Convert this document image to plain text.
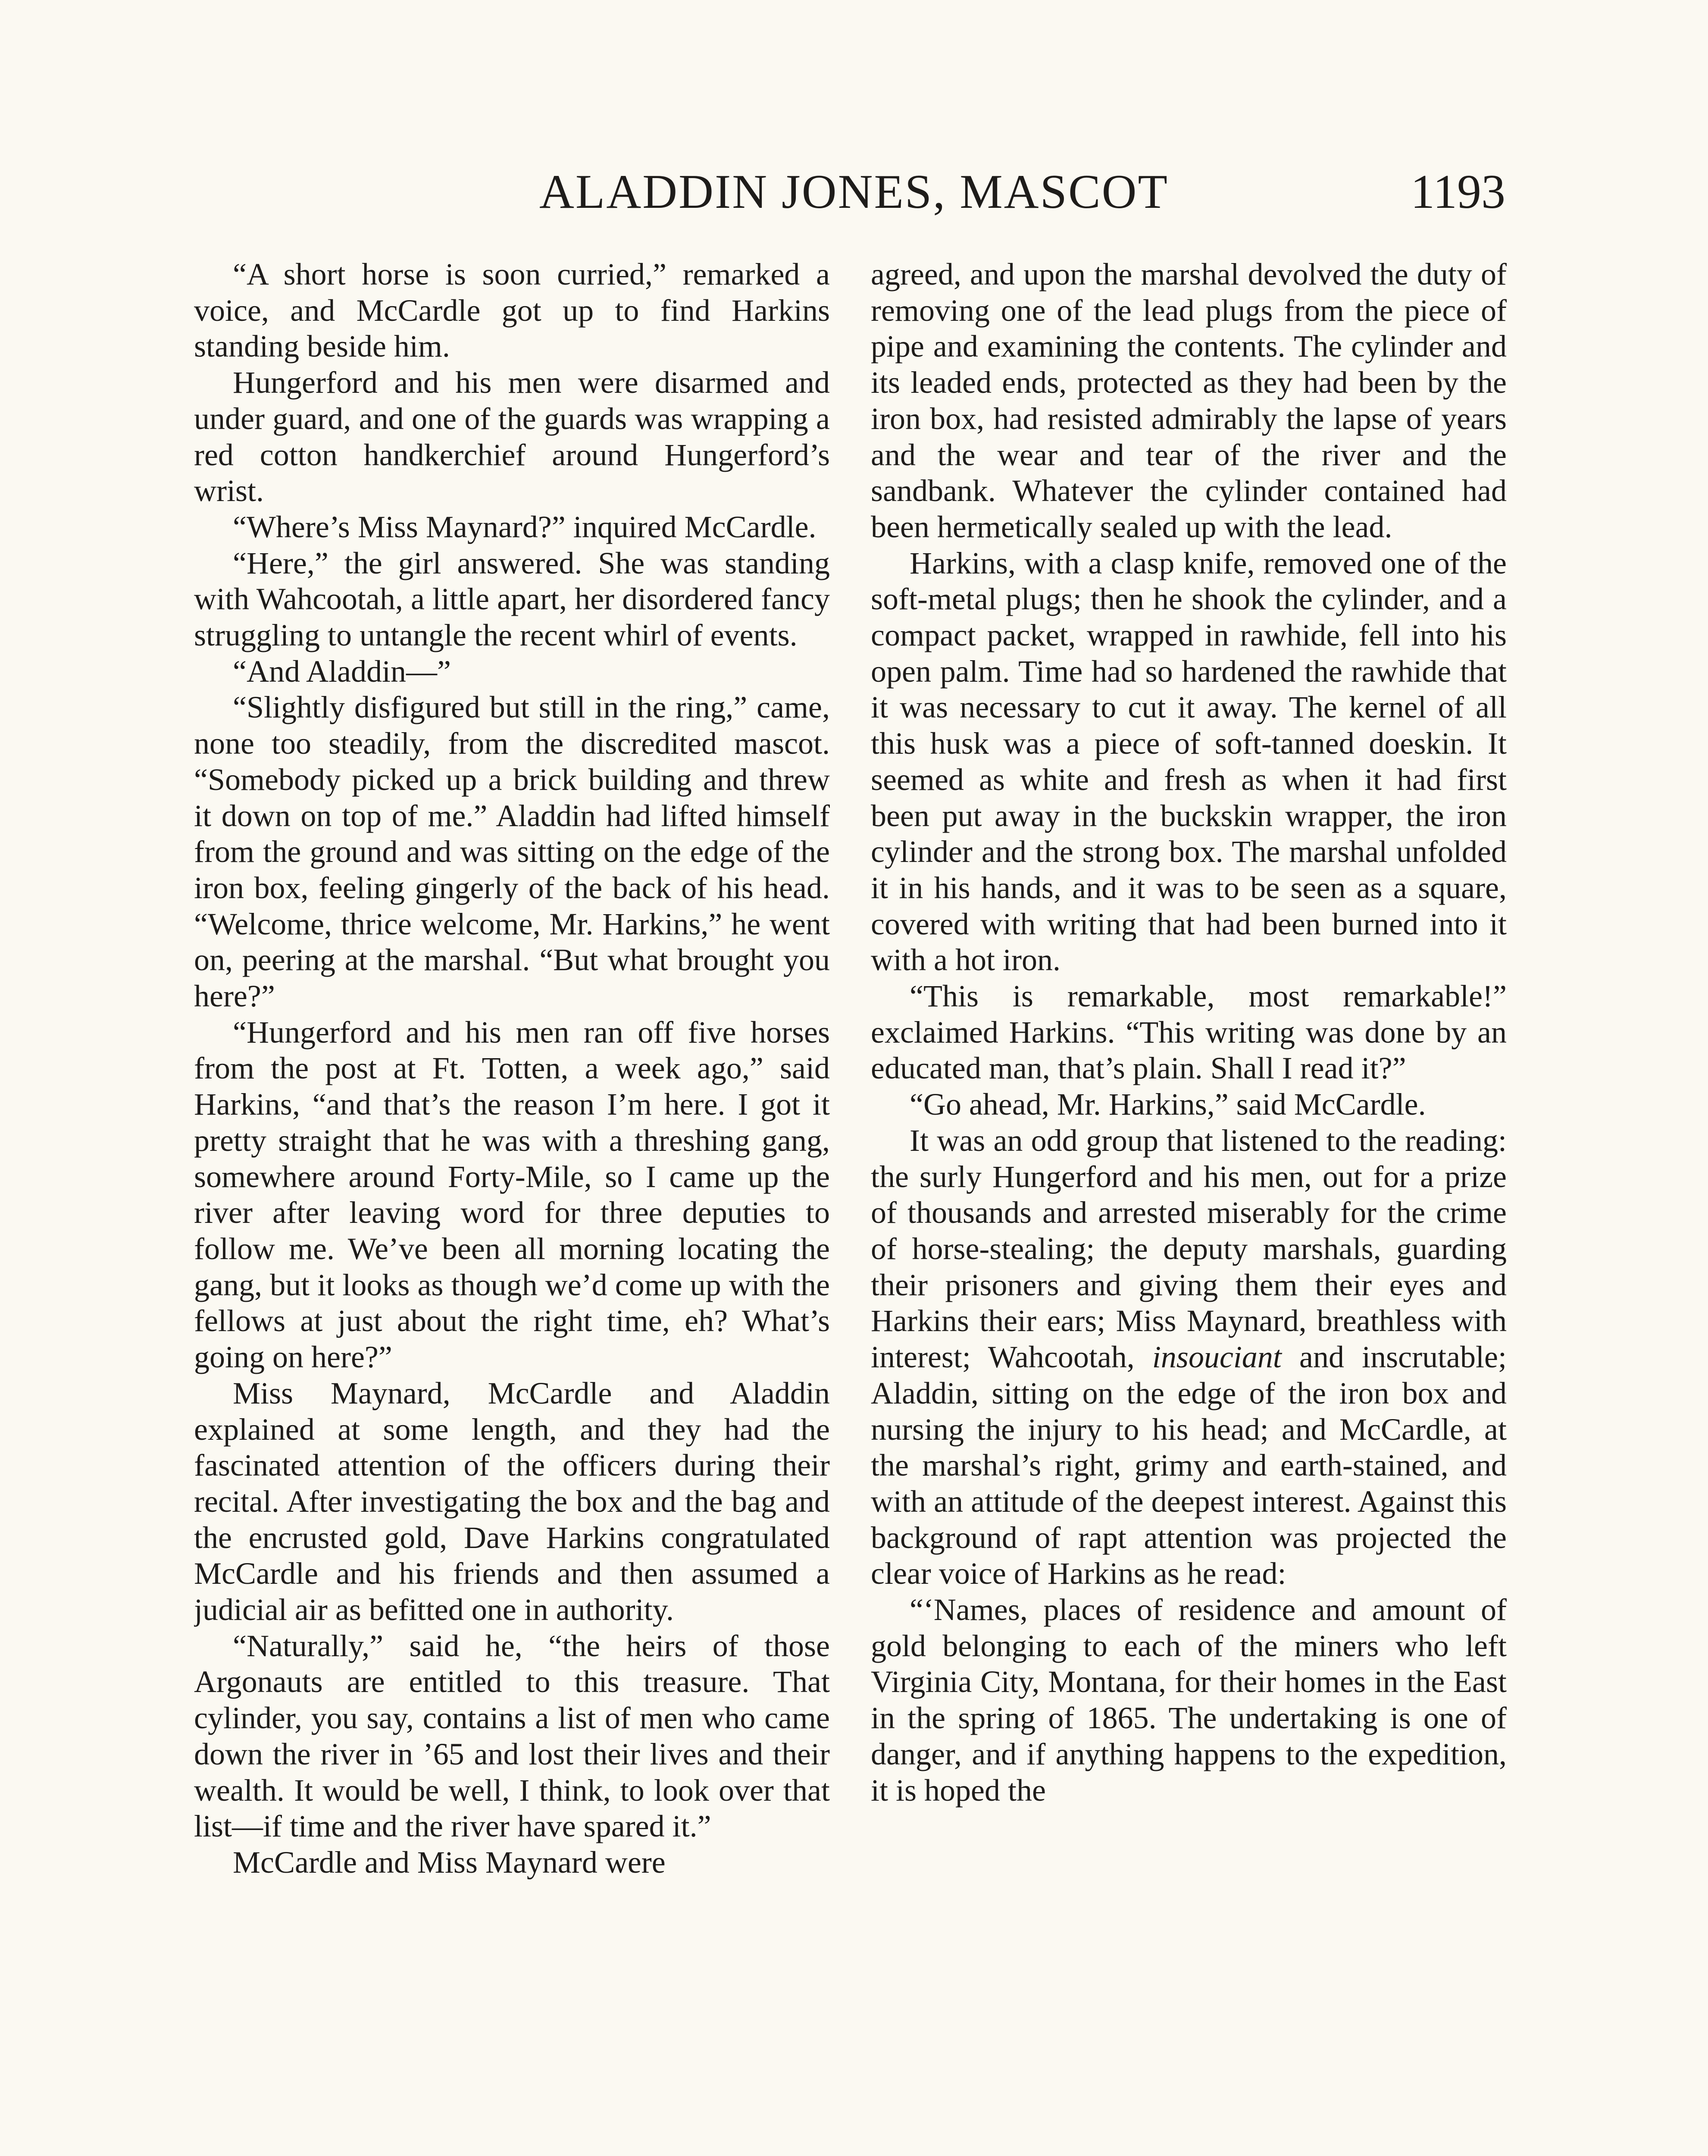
ALADDIN JONES, MASCOT	1193

“A short horse is soon curried,” remarked a voice, and McCardle got up to find Harkins standing beside him.

Hungerford and his men were disarmed and under guard, and one of the guards was wrapping a red cotton handkerchief around Hungerford’s wrist.

“Where’s Miss Maynard?” inquired McCardle.

“Here,” the girl answered. She was standing with Wahcootah, a little apart, her disordered fancy struggling to untangle the recent whirl of events.

“And Aladdin—”

“Slightly disfigured but still in the ring,” came, none too steadily, from the discredited mascot. “Somebody picked up a brick building and threw it down on top of me.” Aladdin had lifted himself from the ground and was sitting on the edge of the iron box, feeling gingerly of the back of his head. “Welcome, thrice welcome, Mr. Harkins,” he went on, peering at the marshal. “But what brought you here?”

“Hungerford and his men ran off five horses from the post at Ft. Totten, a week ago,” said Harkins, “and that’s the reason I’m here. I got it pretty straight that he was with a threshing gang, somewhere around Forty-Mile, so I came up the river after leaving word for three deputies to follow me. We’ve been all morning locating the gang, but it looks as though we’d come up with the fellows at just about the right time, eh? What’s going on here?”

Miss Maynard, McCardle and Aladdin explained at some length, and they had the fascinated attention of the officers during their recital. After investigating the box and the bag and the encrusted gold, Dave Harkins congratulated McCardle and his friends and then assumed a judicial air as befitted one in authority.

“Naturally,” said he, “the heirs of those Argonauts are entitled to this treasure. That cylinder, you say, contains a list of men who came down the river in ’65 and lost their lives and their wealth. It would be well, I think, to look over that list—if time and the river have spared it.”

McCardle and Miss Maynard were

agreed, and upon the marshal devolved the duty of removing one of the lead plugs from the piece of pipe and examining the contents. The cylinder and its leaded ends, protected as they had been by the iron box, had resisted admirably the lapse of years and the wear and tear of the river and the sandbank. Whatever the cylinder contained had been hermetically sealed up with the lead.

Harkins, with a clasp knife, removed one of the soft-metal plugs; then he shook the cylinder, and a compact packet, wrapped in rawhide, fell into his open palm. Time had so hardened the rawhide that it was necessary to cut it away. The kernel of all this husk was a piece of soft-tanned doeskin. It seemed as white and fresh as when it had first been put away in the buckskin wrapper, the iron cylinder and the strong box. The marshal unfolded it in his hands, and it was to be seen as a square, covered with writing that had been burned into it with a hot iron.

“This is remarkable, most remarkable!” exclaimed Harkins. “This writing was done by an educated man, that’s plain. Shall I read it?”

“Go ahead, Mr. Harkins,” said McCardle.

It was an odd group that listened to the reading: the surly Hungerford and his men, out for a prize of thousands and arrested miserably for the crime of horse-stealing; the deputy marshals, guarding their prisoners and giving them their eyes and Harkins their ears; Miss Maynard, breathless with interest; Wahcootah, insouciant and inscrutable; Aladdin, sitting on the edge of the iron box and nursing the injury to his head; and McCardle, at the marshal’s right, grimy and earth-stained, and with an attitude of the deepest interest. Against this background of rapt attention was projected the clear voice of Harkins as he read:

“‘Names, places of residence and amount of gold belonging to each of the miners who left Virginia City, Montana, for their homes in the East in the spring of 1865. The undertaking is one of danger, and if anything happens to the expedition, it is hoped the
